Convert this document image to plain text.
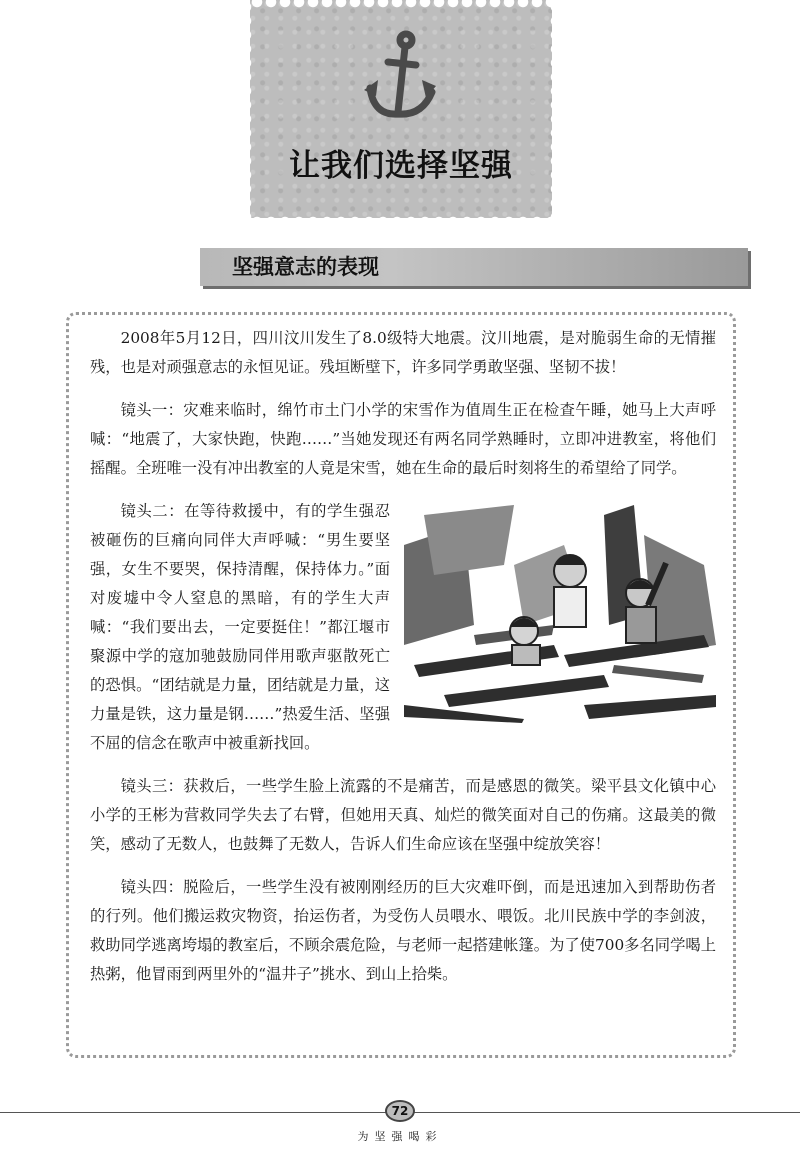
让我们选择坚强
坚强意志的表现

2008年5月12日，四川汶川发生了8.0级特大地震。汶川地震，是对脆弱生命的无情摧残，也是对顽强意志的永恒见证。残垣断壁下，许多同学勇敢坚强、坚韧不拔！

镜头一：灾难来临时，绵竹市土门小学的宋雪作为值周生正在检查午睡，她马上大声呼喊：“地震了，大家快跑，快跑……”当她发现还有两名同学熟睡时，立即冲进教室，将他们摇醒。全班唯一没有冲出教室的人竟是宋雪，她在生命的最后时刻将生的希望给了同学。

镜头二：在等待救援中，有的学生强忍被砸伤的巨痛向同伴大声呼喊：“男生要坚强，女生不要哭，保持清醒，保持体力。”面对废墟中令人窒息的黑暗，有的学生大声喊：“我们要出去，一定要挺住！”都江堰市聚源中学的寇加驰鼓励同伴用歌声驱散死亡的恐惧。“团结就是力量，团结就是力量，这力量是铁，这力量是钢……”热爱生活、坚强不屈的信念在歌声中被重新找回。

镜头三：获救后，一些学生脸上流露的不是痛苦，而是感恩的微笑。梁平县文化镇中心小学的王彬为营救同学失去了右臂，但她用天真、灿烂的微笑面对自己的伤痛。这最美的微笑，感动了无数人，也鼓舞了无数人，告诉人们生命应该在坚强中绽放笑容！

镜头四：脱险后，一些学生没有被刚刚经历的巨大灾难吓倒，而是迅速加入到帮助伤者的行列。他们搬运救灾物资，抬运伤者，为受伤人员喂水、喂饭。北川民族中学的李剑波，救助同学逃离垮塌的教室后，不顾余震危险，与老师一起搭建帐篷。为了使700多名同学喝上热粥，他冒雨到两里外的“温井子”挑水、到山上拾柴。

72
为坚强喝彩
